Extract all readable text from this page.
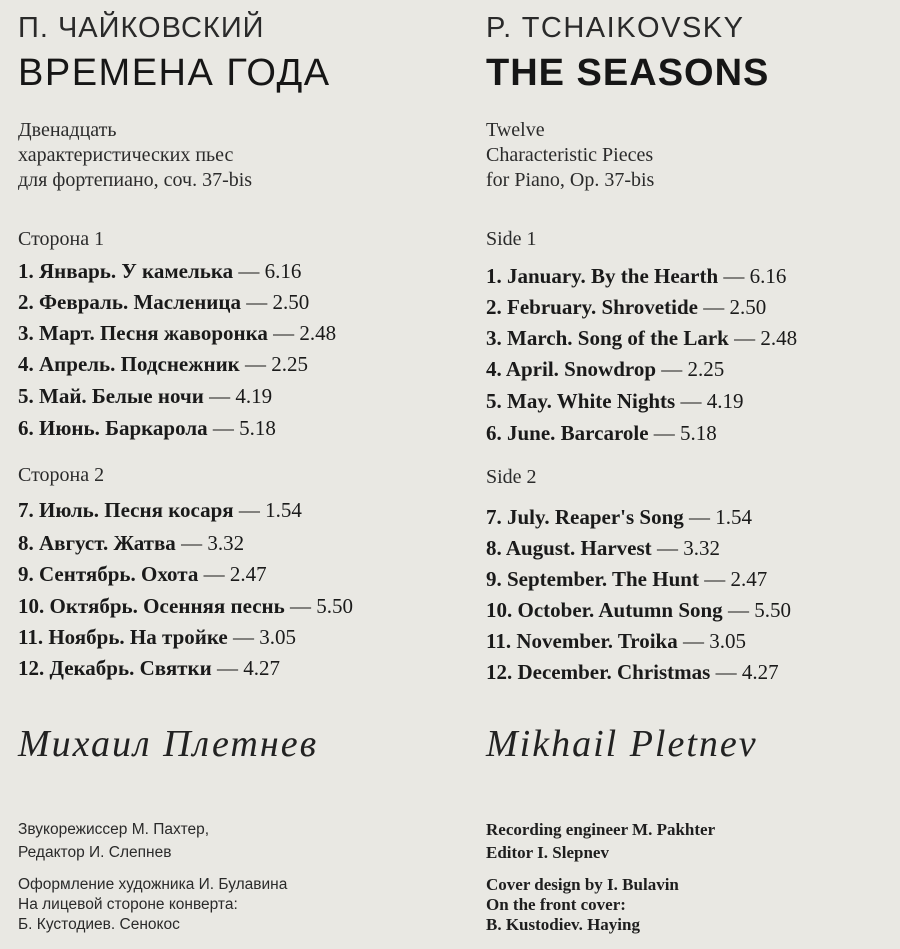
П. ЧАЙКОВСКИЙ
ВРЕМЕНА ГОДА
Двенадцать
характеристических пьес
для фортепиано, соч. 37-bis
Сторона 1
1. Январь. У камелька — 6.16
2. Февраль. Масленица — 2.50
3. Март. Песня жаворонка — 2.48
4. Апрель. Подснежник — 2.25
5. Май. Белые ночи — 4.19
6. Июнь. Баркарола — 5.18
Сторона 2
7. Июль. Песня косаря — 1.54
8. Август. Жатва — 3.32
9. Сентябрь. Охота — 2.47
10. Октябрь. Осенняя песнь — 5.50
11. Ноябрь. На тройке — 3.05
12. Декабрь. Святки — 4.27
Михаил Плетнев
Звукорежиссер М. Пахтер,
Редактор И. Слепнев
Оформление художника И. Булавина
На лицевой стороне конверта:
Б. Кустодиев. Сенокос
P. TCHAIKOVSKY
THE SEASONS
Twelve
Characteristic Pieces
for Piano, Op. 37-bis
Side 1
1. January. By the Hearth — 6.16
2. February. Shrovetide — 2.50
3. March. Song of the Lark — 2.48
4. April. Snowdrop — 2.25
5. May. White Nights — 4.19
6. June. Barcarole — 5.18
Side 2
7. July. Reaper's Song — 1.54
8. August. Harvest — 3.32
9. September. The Hunt — 2.47
10. October. Autumn Song — 5.50
11. November. Troika — 3.05
12. December. Christmas — 4.27
Mikhail Pletnev
Recording engineer M. Pakhter
Editor I. Slepnev
Cover design by I. Bulavin
On the front cover:
B. Kustodiev. Haying
